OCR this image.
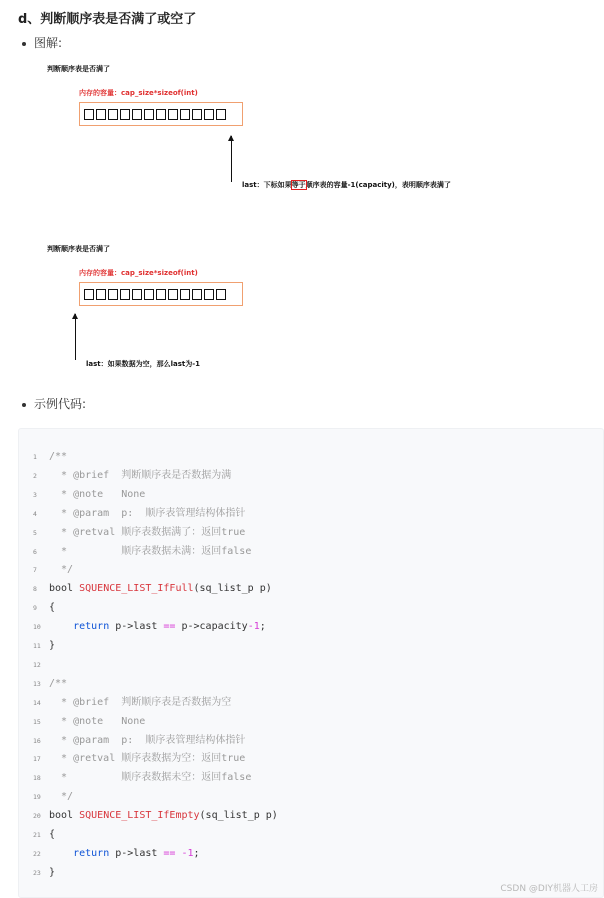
d、判断顺序表是否满了或空了
图解:
判断顺序表是否满了
内存的容量：cap_size*sizeof(int)
last：下标如果等于顺序表的容量-1(capacity)，表明顺序表满了
判断顺序表是否满了
内存的容量：cap_size*sizeof(int)
last：如果数据为空，那么last为-1
示例代码:
1	/**
2	* @brief  判断顺序表是否数据为满
3	* @note   None
4	* @param  p:  顺序表管理结构体指针
5	* @retval 顺序表数据满了：返回true
6	*         顺序表数据未满：返回false
7	*/
8	bool SQUENCE_LIST_IfFull(sq_list_p p)
9	{
10	return p->last == p->capacity-1;
11 }
12
13 /**
14 * @brief  判断顺序表是否数据为空
15 * @note   None
16 * @param  p:  顺序表管理结构体指针
17 * @retval 顺序表数据为空：返回true
18 *         顺序表数据未空：返回false
19 */
20 bool SQUENCE_LIST_IfEmpty(sq_list_p p)
21 {
22	return p->last == -1;
23 }
CSDN @DIY机器人工房
